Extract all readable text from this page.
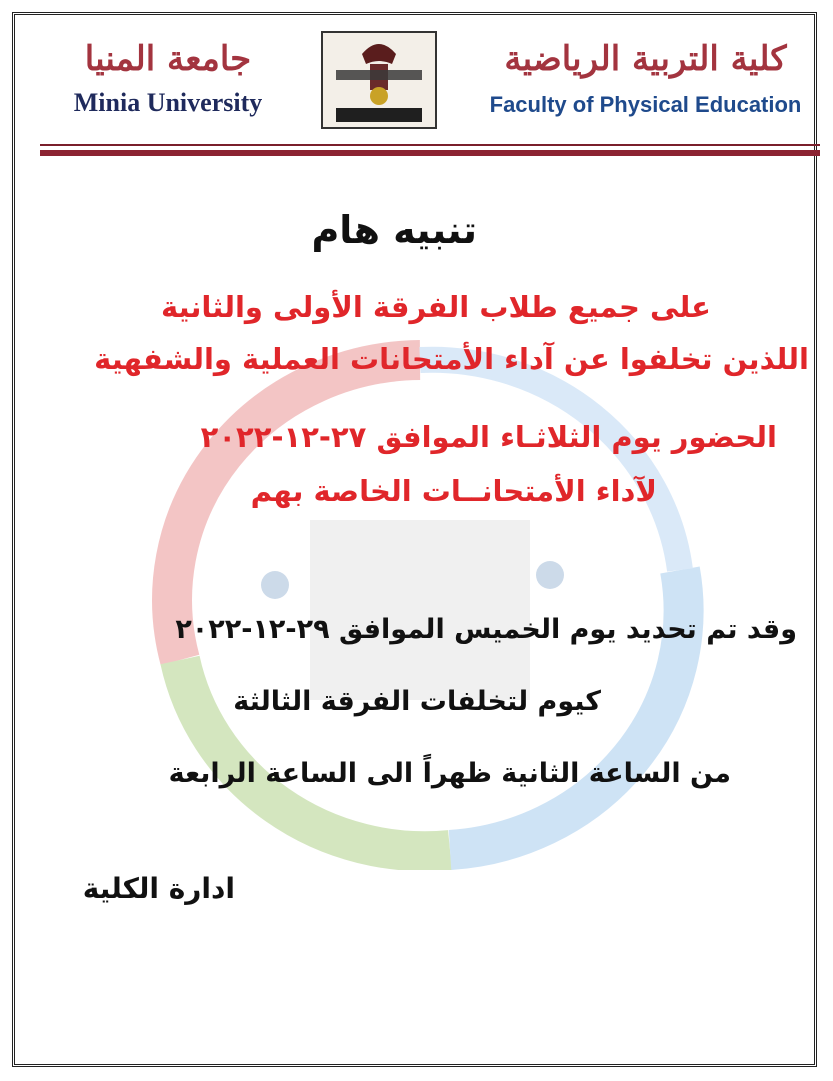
جامعة المنيا
Minia University
كلية التربية الرياضية
Faculty of Physical Education
تنبيه هام
على جميع طلاب الفرقة الأولى والثانية
اللذين تخلفوا عن آداء الأمتحانات العملية والشفهية
الحضور يوم الثلاثـاء الموافق ٢٧-١٢-٢٠٢٢
لآداء الأمتحانــات الخاصة بهم
وقد تم تحديد يوم الخميس الموافق ٢٩-١٢-٢٠٢٢
كيوم لتخلفات الفرقة الثالثة
من الساعة الثانية ظهراً الى الساعة الرابعة
ادارة الكلية
